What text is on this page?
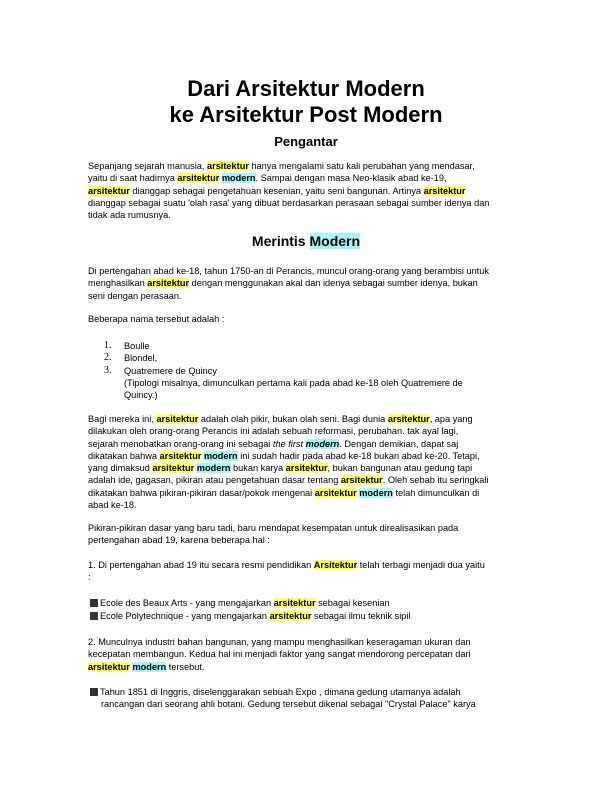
Dari Arsitektur Modern
ke Arsitektur Post Modern
Pengantar
Sepanjang sejarah manusia, arsitektur hanya mengalami satu kali perubahan yang mendasar,
yaitu di saat hadirnya arsitektur modern. Sampai dengan masa Neo-klasik abad ke-19,
arsitektur dianggap sebagai pengetahuan kesenian, yaitu seni bangunan. Artinya arsitektur
dianggap sebagai suatu 'olah rasa' yang dibuat berdasarkan perasaan sebagai sumber idenya dan
tidak ada rumusnya.
Merintis Modern
Di pertengahan abad ke-18, tahun 1750-an di Perancis, muncul orang-orang yang berambisi untuk
menghasilkan arsitektur dengan menggunakan akal dan idenya sebagai sumber idenya, bukan
seni dengan perasaan.
Beberapa nama tersebut adalah :
1. Boulle
2. Blondel,
3. Quatremere de Quincy
(Tipologi misalnya, dimunculkan pertama kali pada abad ke-18 oleh Quatremere de
Quincy.)
Bagi mereka ini, arsitektur adalah olah pikir, bukan olah seni. Bagi dunia arsitektur, apa yang
dilakukan oleh orang-orang Perancis ini adalah sebuah reformasi, perubahan. tak ayal lagi,
sejarah menobatkan orang-orang ini sebagai the first modern. Dengan demikian, dapat saj
dikatakan bahwa arsitektur modern ini sudah hadir pada abad ke-18 bukan abad ke-20. Tetapi,
yang dimaksud arsitektur modern bukan karya arsitektur, bukan bangunan atau gedung tapi
adalah ide, gagasan, pikiran atau pengetahuan dasar tentang arsitektur. Oleh sebab itu seringkali
dikatakan bahwa pikiran-pikiran dasar/pokok mengenai arsitektur modern telah dimunculkan di
abad ke-18.
Pikiran-pikiran dasar yang baru tadi, baru mendapat kesempatan untuk direalisasikan pada
pertengahan abad 19, karena beberapa hal :
1. Di pertengahan abad 19 itu secara resmi pendidikan Arsitektur telah terbagi menjadi dua yaitu
:
Ecole des Beaux Arts - yang mengajarkan arsitektur sebagai kesenian
Ecole Polytechnique - yang mengajarkan arsitektur sebagai ilmu teknik sipil
2. Munculnya industri bahan bangunan, yang mampu menghasilkan keseragaman ukuran dan
kecepatan membangun. Kedua hal ini menjadi faktor yang sangat mendorong percepatan dari
arsitektur modern tersebut.
Tahun 1851 di Inggris, diselenggarakan sebuah Expo , dimana gedung utamanya adalah
rancangan dari seorang ahli botani. Gedung tersebut dikenal sebagai "Crystal Palace" karya
